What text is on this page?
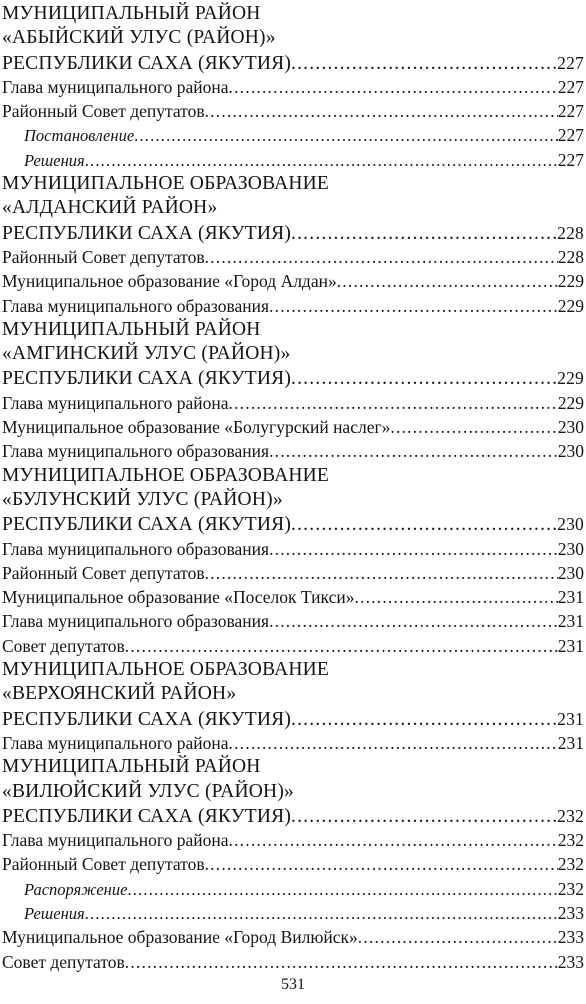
МУНИЦИПАЛЬНЫЙ РАЙОН
«АБЫЙСКИЙ УЛУС (РАЙОН)»
РЕСПУБЛИКИ САХА (ЯКУТИЯ) .....	227
Глава муниципального района .....	227
Районный Совет депутатов .....	227
Постановление .....	227
Решения .....	227
МУНИЦИПАЛЬНОЕ ОБРАЗОВАНИЕ
«АЛДАНСКИЙ РАЙОН»
РЕСПУБЛИКИ САХА (ЯКУТИЯ) .....	228
Районный Совет депутатов .....	228
Муниципальное образование «Город Алдан» .....	229
Глава муниципального образования .....	229
МУНИЦИПАЛЬНЫЙ РАЙОН
«АМГИНСКИЙ УЛУС (РАЙОН)»
РЕСПУБЛИКИ САХА (ЯКУТИЯ) .....	229
Глава муниципального района .....	229
Муниципальное образование «Болугурский наслег» .....	230
Глава муниципального образования .....	230
МУНИЦИПАЛЬНОЕ ОБРАЗОВАНИЕ
«БУЛУНСКИЙ УЛУС (РАЙОН)»
РЕСПУБЛИКИ САХА (ЯКУТИЯ) .....	230
Глава муниципального образования .....	230
Районный Совет депутатов .....	230
Муниципальное образование «Поселок Тикси» .....	231
Глава муниципального образования .....	231
Совет депутатов .....	231
МУНИЦИПАЛЬНОЕ ОБРАЗОВАНИЕ
«ВЕРХОЯНСКИЙ РАЙОН»
РЕСПУБЛИКИ САХА (ЯКУТИЯ) .....	231
Глава муниципального района .....	231
МУНИЦИПАЛЬНЫЙ РАЙОН
«ВИЛЮЙСКИЙ УЛУС (РАЙОН)»
РЕСПУБЛИКИ САХА (ЯКУТИЯ) .....	232
Глава муниципального района .....	232
Районный Совет депутатов .....	232
Распоряжение .....	232
Решения .....	233
Муниципальное образование «Город Вилюйск» .....	233
Совет депутатов .....	233
531
